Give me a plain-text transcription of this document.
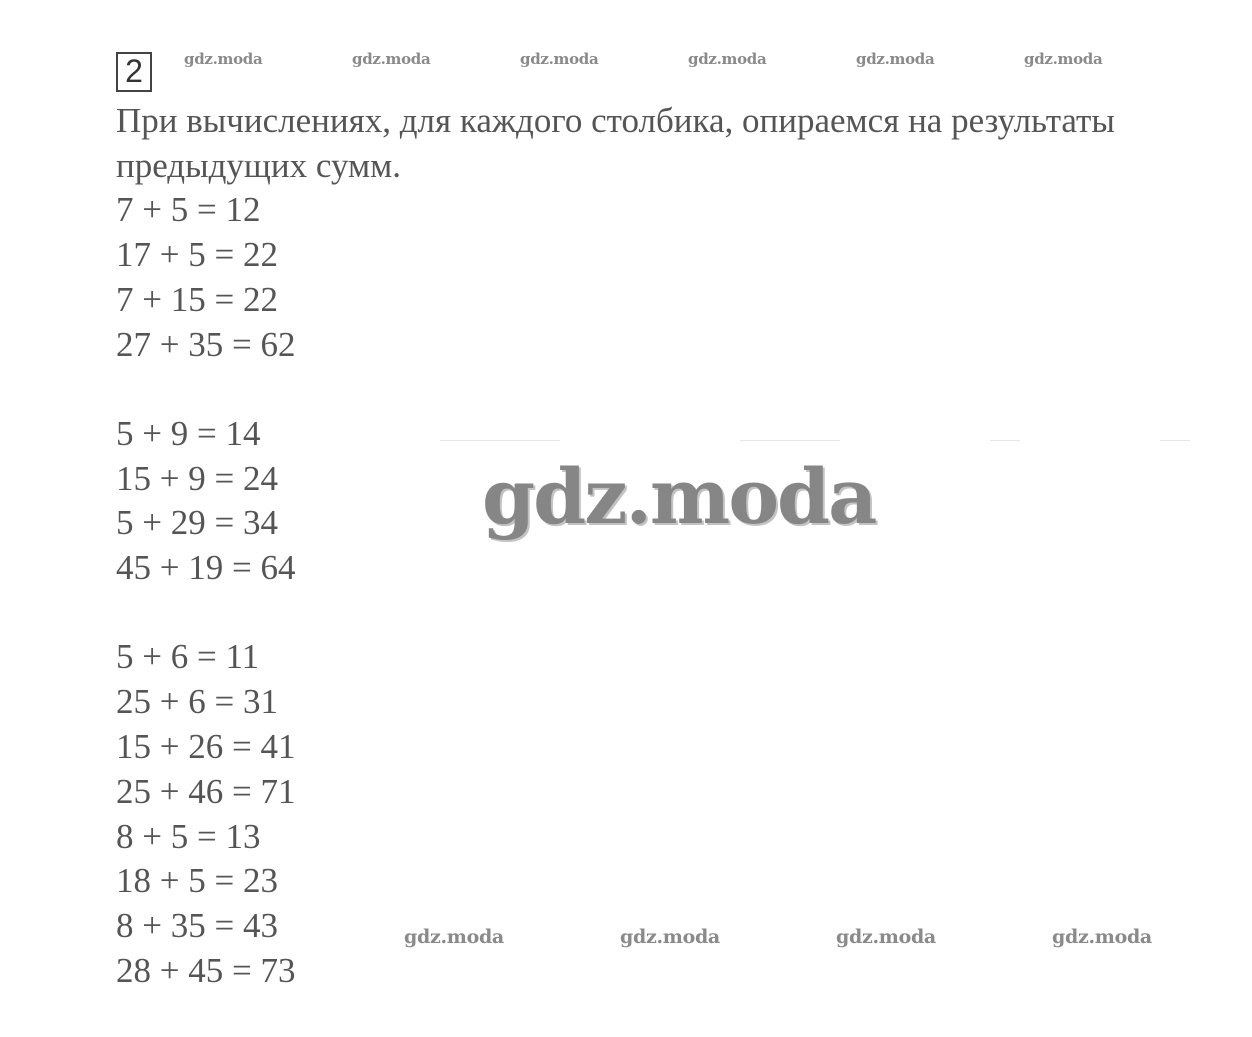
2	gdz.moda	gdz.moda	gdz.moda	gdz.moda	gdz.moda	gdz.moda
При вычислениях, для каждого столбика, опираемся на результаты
предыдущих сумм.
7 + 5 = 12
17 + 5 = 22
7 + 15 = 22
27 + 35 = 62
5 + 9 = 14
15 + 9 = 24
5 + 29 = 34
45 + 19 = 64
5 + 6 = 11
25 + 6 = 31
15 + 26 = 41
25 + 46 = 71
8 + 5 = 13
18 + 5 = 23
8 + 35 = 43
28 + 45 = 73
gdz.moda
gdz.moda	gdz.moda	gdz.moda	gdz.moda
